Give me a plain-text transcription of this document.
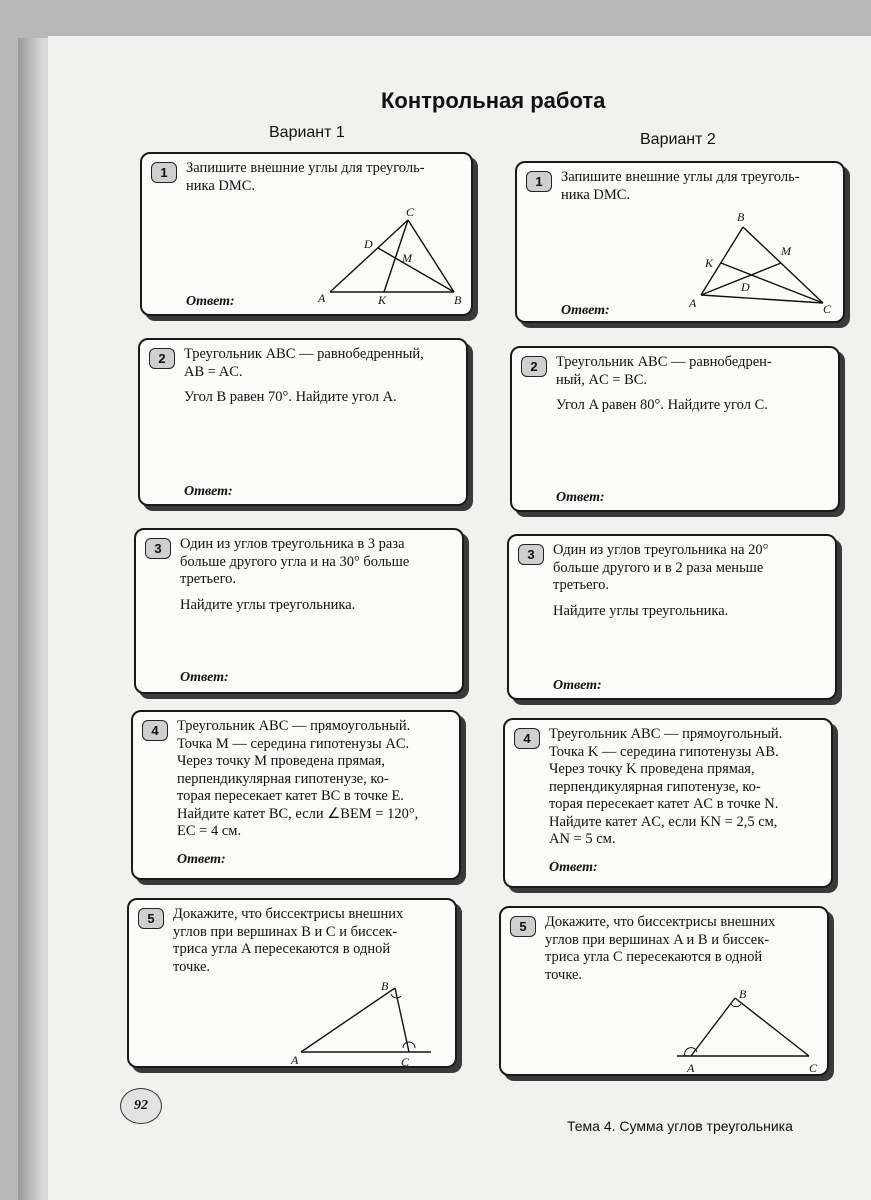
Контрольная работа
Вариант 1	Вариант 2
1	Запишите внешние углы для треуголь-
ника DMC.
C
D
M
A	K	B
Ответ:
2	Треугольник ABC — равнобедренный,
AB = AC.
Угол B равен 70°. Найдите угол A.
Ответ:
3	Один из углов треугольника в 3 раза
больше другого угла и на 30° больше
третьего.
Найдите углы треугольника.
Ответ:
4	Треугольник ABC — прямоугольный.
Точка M — середина гипотенузы AC.
Через точку M проведена прямая,
перпендикулярная гипотенузе, ко-
торая пересекает катет BC в точке E.
Найдите катет BC, если ∠BEM = 120°,
EC = 4 см.
Ответ:
5	Докажите, что биссектрисы внешних
углов при вершинах B и C и биссек-
триса угла A пересекаются в одной
точке.
B
A	C
1	Запишите внешние углы для треуголь-
ника DMC.
B
M
K
D
A	C
Ответ:
2	Треугольник ABC — равнобедрен-
ный, AC = BC.
Угол A равен 80°. Найдите угол C.
Ответ:
3	Один из углов треугольника на 20°
больше другого и в 2 раза меньше
третьего.
Найдите углы треугольника.
Ответ:
4	Треугольник ABC — прямоугольный.
Точка K — середина гипотенузы AB.
Через точку K проведена прямая,
перпендикулярная гипотенузе, ко-
торая пересекает катет AC в точке N.
Найдите катет AC, если KN = 2,5 см,
AN = 5 см.
Ответ:
5	Докажите, что биссектрисы внешних
углов при вершинах A и B и биссек-
триса угла C пересекаются в одной
точке.
B
A	C
92
Тема 4. Сумма углов треугольника
